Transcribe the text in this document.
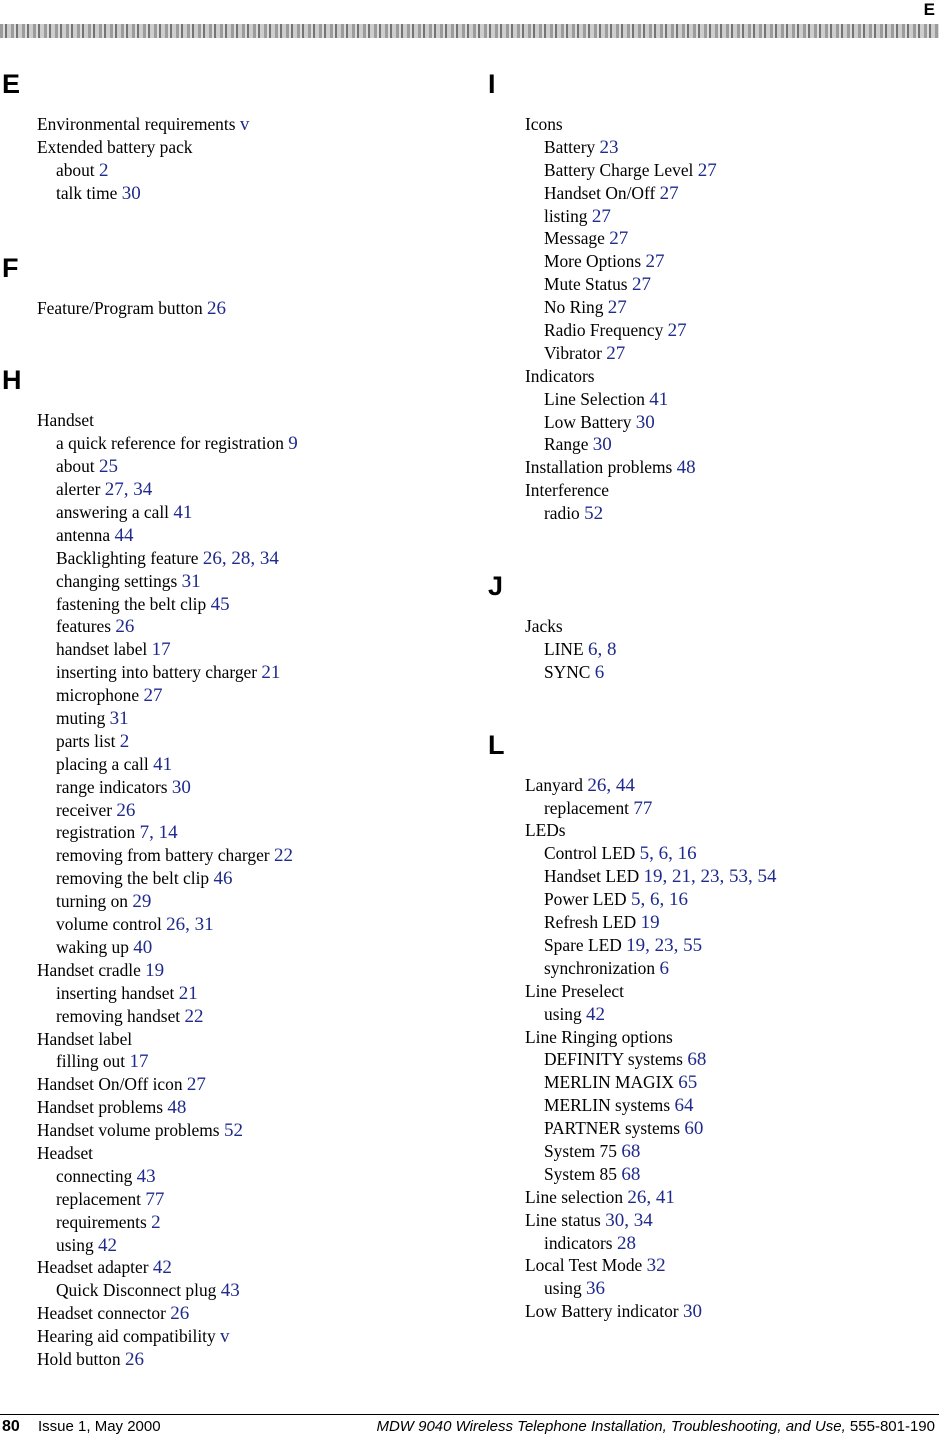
E
E
Environmental requirements v
Extended battery pack
about 2
talk time 30
F
Feature/Program button 26
H
Handset
a quick reference for registration 9
about 25
alerter 27, 34
answering a call 41
antenna 44
Backlighting feature 26, 28, 34
changing settings 31
fastening the belt clip 45
features 26
handset label 17
inserting into battery charger 21
microphone 27
muting 31
parts list 2
placing a call 41
range indicators 30
receiver 26
registration 7, 14
removing from battery charger 22
removing the belt clip 46
turning on 29
volume control 26, 31
waking up 40
Handset cradle 19
inserting handset 21
removing handset 22
Handset label
filling out 17
Handset On/Off icon 27
Handset problems 48
Handset volume problems 52
Headset
connecting 43
replacement 77
requirements 2
using 42
Headset adapter 42
Quick Disconnect plug 43
Headset connector 26
Hearing aid compatibility v
Hold button 26
I
Icons
Battery 23
Battery Charge Level 27
Handset On/Off 27
listing 27
Message 27
More Options 27
Mute Status 27
No Ring 27
Radio Frequency 27
Vibrator 27
Indicators
Line Selection 41
Low Battery 30
Range 30
Installation problems 48
Interference
radio 52
J
Jacks
LINE 6, 8
SYNC 6
L
Lanyard 26, 44
replacement 77
LEDs
Control LED 5, 6, 16
Handset LED 19, 21, 23, 53, 54
Power LED 5, 6, 16
Refresh LED 19
Spare LED 19, 23, 55
synchronization 6
Line Preselect
using 42
Line Ringing options
DEFINITY systems 68
MERLIN MAGIX 65
MERLIN systems 64
PARTNER systems 60
System 75 68
System 85 68
Line selection 26, 41
Line status 30, 34
indicators 28
Local Test Mode 32
using 36
Low Battery indicator 30
80 Issue 1, May 2000	MDW 9040 Wireless Telephone Installation, Troubleshooting, and Use, 555-801-190
